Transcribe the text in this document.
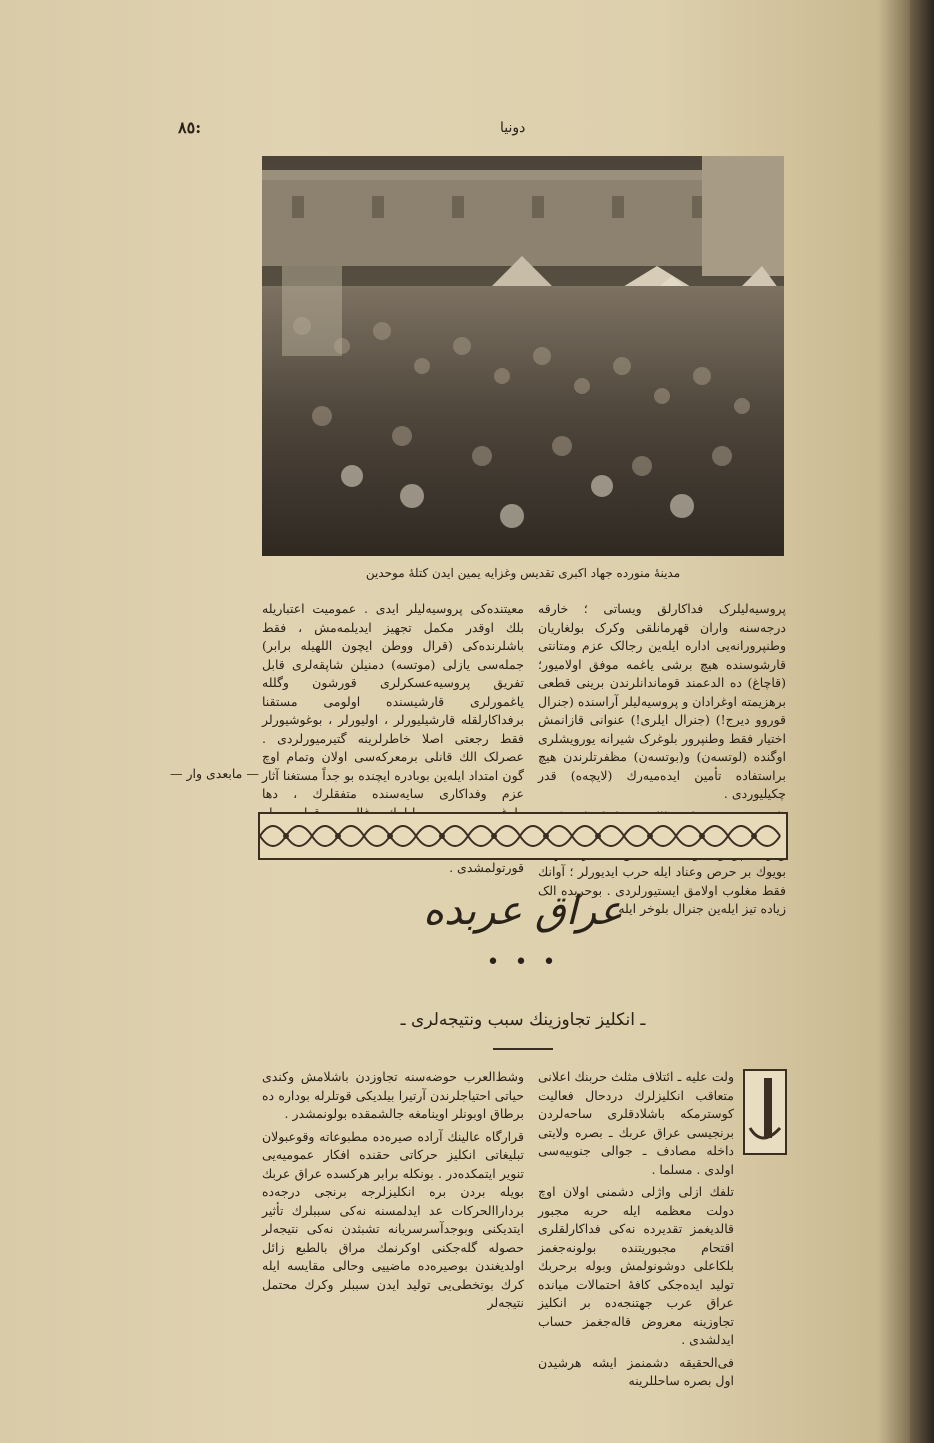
:٨٥	دونیا
مدینۀ منورده جهاد اکبری تقدیس وغزایه یمین ایدن کتلۀ موحدین

پروسیه‌لیلرک فداکارلق ویساتی ؛ خارقه درجه‌سنه واران قهرمانلقی وکرک بولغاریان وطنپرورانه‌یی اداره ایله‌ین رجالک عزم ومتانتی قارشوسنده هیچ برشی یاغمه موفق اولامیور؛ (قاچاغ) ده الدعمند قوماندانلرندن برینی قطعی برهزیمته اوغرادان و پروسیه‌لیلر آراسنده (جنرال قوروو دیرج!) (جنرال ایلری!) عنوانی قازانمش اختیار فقط وطنپرور بلوغرک شیرانه یورویشلری اوگنده (لوتسه‌ن) و(بوتسه‌ن) مظفرتلرندن هیچ براستفاده تأمین ایده‌میه‌رك (لایچه‌ه) قدر چکیلیوردی .

بویوك بر حرص وعناد ایله حرب ایدیورلر ؛ آوانك فقط مغلوب اولامق ایستیورلردی . بوحربده الک زیاده تیز ایله‌ین جنرال بلوخر ایله

معیتنده‌کی پروسیه‌لیلر ایدی . عمومیت اعتباریله بلك اوقدر مکمل تجهیز ایدیلمه‌مش ، فقط باشلرنده‌کی (قرال ووطن ایچون اللهیله برابر) جمله‌سی یازلی (موتسه) دمنیلن شاپقه‌لری قابل تفریق پروسیه‌عسکرلری قورشون وگلله یاغمورلری قارشیسنده اولومی مستقنا برفداکارلقله قارشیلیورلر ، اولیورلر ، بوغوشیورلر فقط رجعتی اصلا خاطرلرینه گتیرمیورلردی . عصرلک الك قانلی برمعرکه‌سی اولان وتمام اوچ گون امتداد ایله‌ین بوبادره ایچنده بو جداً مستغنا آثار عزم وفداکاری سایه‌سنده متفقلرك ، دها قورتولمشدی .

— مابعدی وار —
عراق عربده
• • •
ـ انکلیز تجاوزینك سبب ونتیجه‌لری ـ

ولت علیه ـ ائتلاف مثلث حربنك اعلانی متعاقب انکلیزلرك دردحال فعالیت کوسترمکه باشلادقلری ساحه‌لردن برنجیسی عراق عربك ـ بصره ولایتی داخله مصادف ـ جوالی جنوبیه‌سی اولدی . مسلما .

تلفك ازلی واژلی دشمنی اولان اوچ دولت معظمه ایله حربه مجبور قالدیغمز تقدیرده نه‌کی فداکارلقلری اقتحام مجبوریتنده بولونه‌جغمز بلکاعلی دوشونولمش وبوله برحربك تولید ایده‌جکی کافۀ احتمالات میانده عراق عرب جهتنجه‌ده بر انکلیز تجاوزینه معروض قاله‌جغمز حساب ایدلشدی .

فی‌الحقیقه دشمنمز ایشه هرشیدن اول بصره ساحللرینه

وشط‌العرب حوضه‌سنه تجاوزدن باشلامش وکندی حیاتی احتیاجلرندن آرتیرا بیلدیکی قوتلرله بوداره ده برطاق اوبونلر اوینامغه جالشمقده بولونمشدر .

قرارگاه عالینك آراده صیره‌ده مطبوعاته وقوعبولان تبلیغاتی انکلیز حرکاتی حقنده افکار عمومیه‌یی تنویر ایتمکده‌در . بونکله برابر هرکسده عراق عربك بویله بردن بره انکلیزلرجه برنجی درجه‌ده برداراالحرکات عد ایدلمسنه نه‌کی سببلرك تأثیر ایتدیکنی وبوجدآسرسریانه تشبثدن نه‌کی نتیجه‌لر حصوله گله‌جکنی اوکرنمك مراق بالطبع زائل اولدیغندن بوصیره‌ده ماضییی وحالی مقایسه ایله کرك بوتخطی‌یی تولید ایدن سببلر وکرك محتمل نتیجه‌لر
